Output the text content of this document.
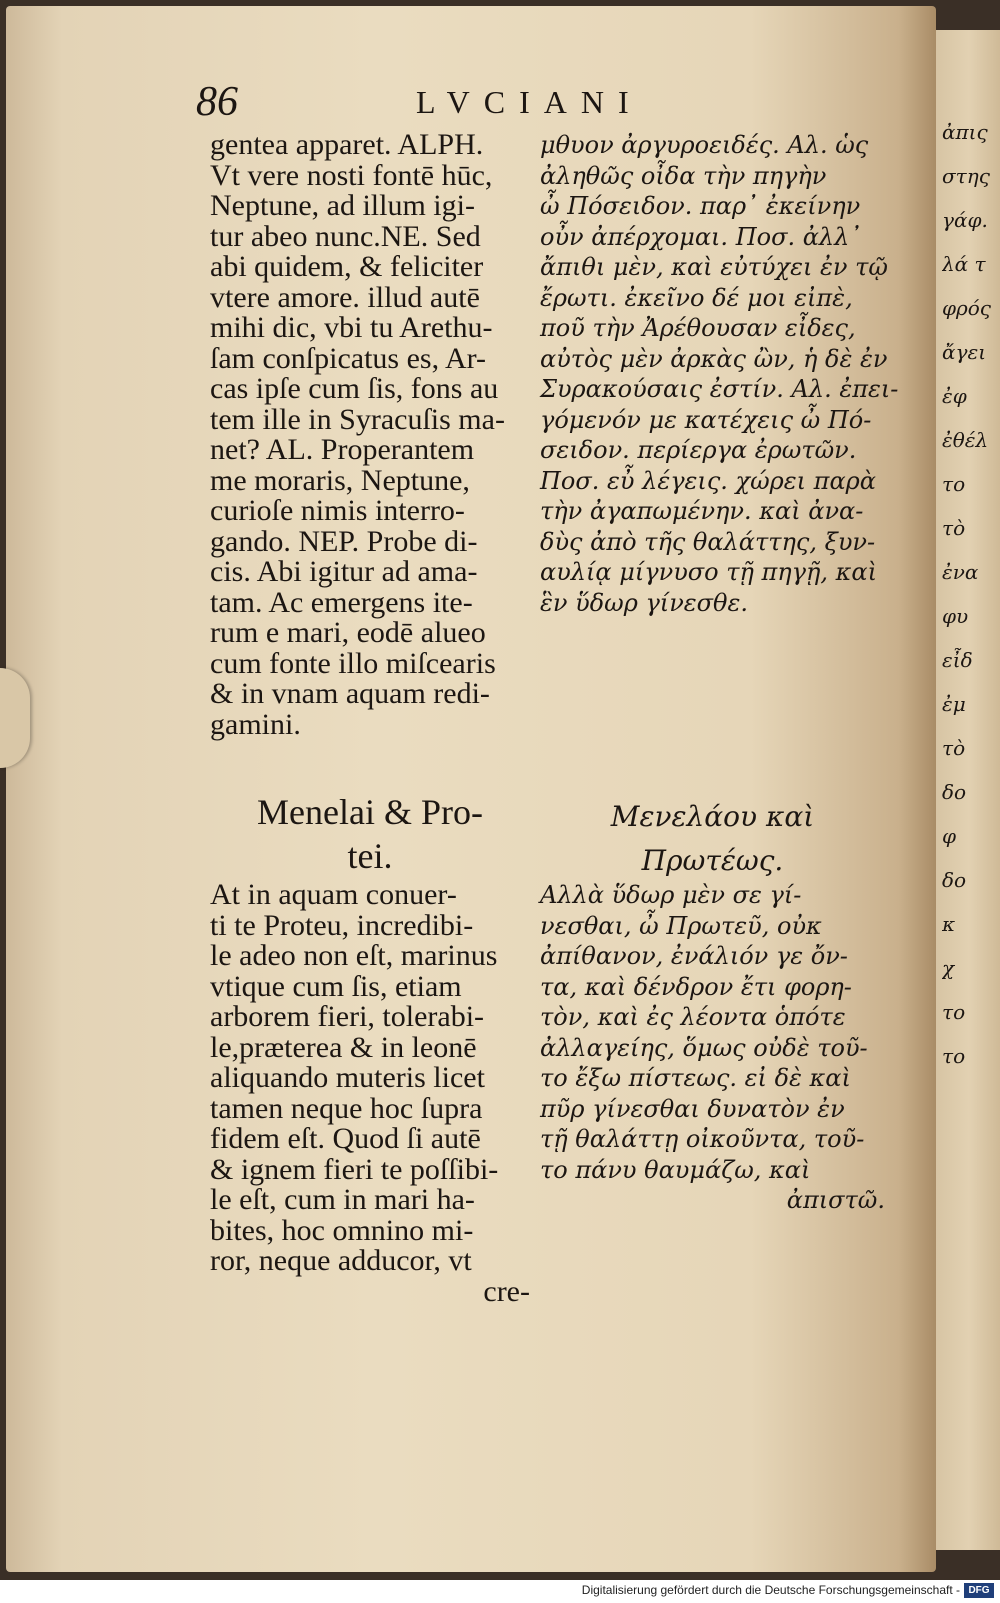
86	LVCIANI
gentea apparet. ALPH.
Vt vere nosti fontē hūc,
Neptune, ad illum igi-
tur abeo nunc.NE. Sed
abi quidem, & feliciter
vtere amore. illud autē
mihi dic, vbi tu Arethu-
ſam conſpicatus es, Ar-
cas ipſe cum ſis, fons au
tem ille in Syracuſis ma-
net? AL. Properantem
me moraris, Neptune,
curioſe nimis interro-
gando. NEP. Probe di-
cis. Abi igitur ad ama-
tam. Ac emergens ite-
rum e mari, eodē alueo
cum fonte illo miſcearis
& in vnam aquam redi-
gamini.
μθυον ἀργυροειδές. Αλ. ὡς
ἀληθῶς οἶδα τὴν πηγὴν
ὦ Πόσειδον. παρ᾽ ἐκείνην
οὖν ἀπέρχομαι. Ποσ. ἀλλ᾽
ἄπιθι μὲν, καὶ εὐτύχει ἐν τῷ
ἔρωτι. ἐκεῖνο δέ μοι εἰπὲ,
ποῦ τὴν Ἀρέθουσαν εἶδες,
αὐτὸς μὲν ἀρκὰς ὢν, ἡ δὲ ἐν
Συρακούσαις ἐστίν. Αλ. ἐπει-
γόμενόν με κατέχεις ὦ Πό-
σειδον. περίεργα ἐρωτῶν.
Ποσ. εὖ λέγεις. χώρει παρὰ
τὴν ἀγαπωμένην. καὶ ἀνα-
δὺς ἀπὸ τῆς θαλάττης, ξυν-
αυλίᾳ μίγνυσο τῇ πηγῇ, καὶ
ἓν ὕδωρ γίνεσθε.
Menelai & Pro-
tei.
Μενελάου καὶ
Πρωτέως.
At in aquam conuer-
ti te Proteu, incredibi-
le adeo non eſt, marinus
vtique cum ſis, etiam
arborem fieri, tolerabi-
le,præterea & in leonē
aliquando muteris licet
tamen neque hoc ſupra
fidem eſt. Quod ſi autē
& ignem fieri te poſſibi-
le eſt, cum in mari ha-
bites, hoc omnino mi-
ror, neque adducor, vt
cre-
Αλλὰ ὕδωρ μὲν σε γί-
νεσθαι, ὦ Πρωτεῦ, οὐκ
ἀπίθανον, ἐνάλιόν γε ὄν-
τα, καὶ δένδρον ἔτι φορη-
τὸν, καὶ ἐς λέοντα ὁπότε
ἀλλαγείης, ὅμως οὐδὲ τοῦ-
το ἔξω πίστεως. εἰ δὲ καὶ
πῦρ γίνεσθαι δυνατὸν ἐν
τῇ θαλάττῃ οἰκοῦντα, τοῦ-
το πάνυ θαυμάζω, καὶ
ἀπιστῶ.
ἀπις
στης
γάφ.
λά τ
φρός
ἄγει
ἐφ
ἐθέλ
το
τὸ
ἐνα
φυ
εἶδ
ἐμ
τὸ
δο
φ
δο
κ
χ
το
το
Digitalisierung gefördert durch die Deutsche Forschungsgemeinschaft - DFG
